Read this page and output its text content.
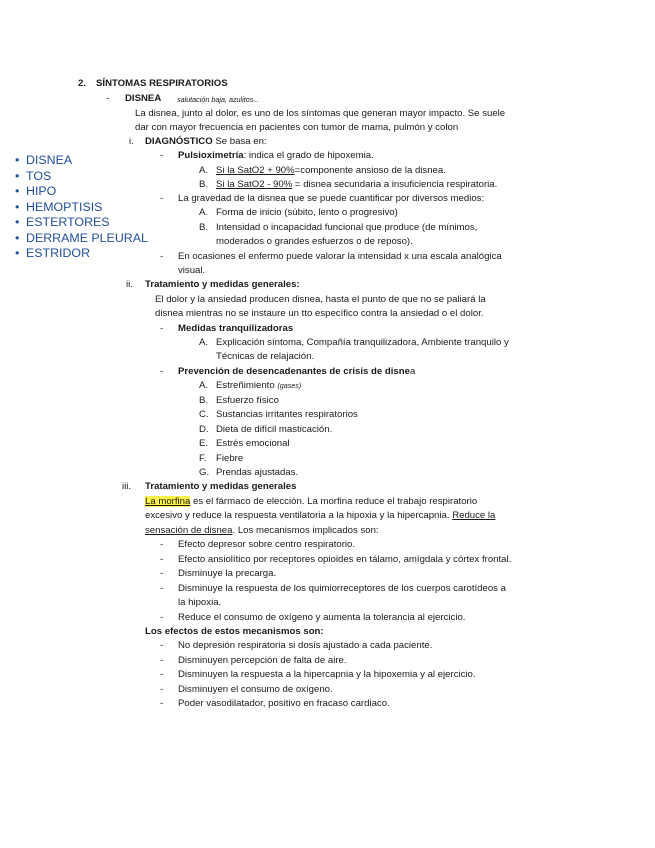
2. SÍNTOMAS RESPIRATORIOS
- DISNEA salutación baja, azulitos...
La disnea, junto al dolor, es uno de los síntomas que generan mayor impacto. Se suele
dar con mayor frecuencia en pacientes con tumor de mama, pulmón y colon
• DISNEA
• TOS
• HIPO
• HEMOPTISIS
• ESTERTORES
• DERRAME PLEURAL
• ESTRIDOR
i. DIAGNÓSTICO Se basa en:
- Pulsioximetría: indica el grado de hipoxemia.
A. Si la SatO2 + 90%=componente ansioso de la disnea.
B. Si la SatO2 - 90% = disnea secundaria a insuficiencia respiratoria.
- La gravedad de la disnea que se puede cuantificar por diversos medios:
A. Forma de inicio (súbito, lento o progresivo)
B. Intensidad o incapacidad funcional que produce (de mínimos,
moderados o grandes esfuerzos o de reposo).
- En ocasiones el enfermo puede valorar la intensidad x una escala analógica
visual.
ii. Tratamiento y medidas generales:
El dolor y la ansiedad producen disnea, hasta el punto de que no se paliará la
disnea mientras no se instaure un tto específico contra la ansiedad o el dolor.
- Medidas tranquilizadoras
A. Explicación síntoma, Compañía tranquilizadora, Ambiente tranquilo y
Técnicas de relajación.
- Prevención de desencadenantes de crisis de disnea
A. Estreñimiento (gases)
B. Esfuerzo físico
C. Sustancias irritantes respiratorios
D. Dieta de difícil masticación.
E. Estrés emocional
F. Fiebre
G. Prendas ajustadas.
iii. Tratamiento y medidas generales
La morfina es el fármaco de elección. La morfina reduce el trabajo respiratorio
excesivo y reduce la respuesta ventilatoria a la hipoxia y la hipercapnia. Reduce la
sensación de disnea. Los mecanismos implicados son:
- Efecto depresor sobre centro respiratorio.
- Efecto ansiolítico por receptores opioides en tálamo, amígdala y córtex frontal.
- Disminuye la precarga.
- Disminuye la respuesta de los quimiorreceptores de los cuerpos carotídeos a
la hipoxia.
- Reduce el consumo de oxígeno y aumenta la tolerancia al ejercicio.
Los efectos de estos mecanismos son:
- No depresión respiratoria si dosis ajustado a cada paciente.
- Disminuyen percepción de falta de aire.
- Disminuyen la respuesta a la hipercapnia y la hipoxemia y al ejercicio.
- Disminuyen el consumo de oxígeno.
- Poder vasodilatador, positivo en fracaso cardiaco.
